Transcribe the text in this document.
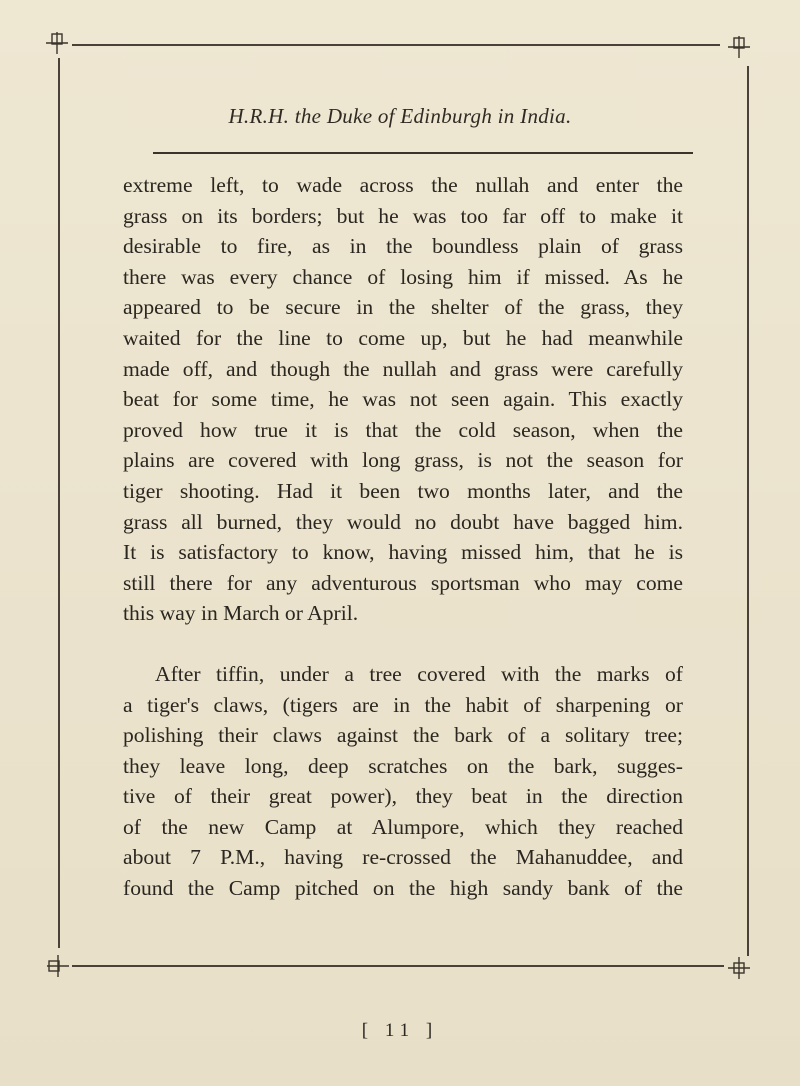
H.R.H. the Duke of Edinburgh in India.
extreme left, to wade across the nullah and enter the
grass on its borders; but he was too far off to make it
desirable to fire, as in the boundless plain of grass
there was every chance of losing him if missed. As he
appeared to be secure in the shelter of the grass, they
waited for the line to come up, but he had meanwhile
made off, and though the nullah and grass were carefully
beat for some time, he was not seen again. This exactly
proved how true it is that the cold season, when the
plains are covered with long grass, is not the season for
tiger shooting. Had it been two months later, and the
grass all burned, they would no doubt have bagged him.
It is satisfactory to know, having missed him, that he is
still there for any adventurous sportsman who may come
this way in March or April.
After tiffin, under a tree covered with the marks of
a tiger's claws, (tigers are in the habit of sharpening or
polishing their claws against the bark of a solitary tree;
they leave long, deep scratches on the bark, sugges-
tive of their great power), they beat in the direction
of the new Camp at Alumpore, which they reached
about 7 P.M., having re-crossed the Mahanuddee, and
found the Camp pitched on the high sandy bank of the
[ 11 ]
